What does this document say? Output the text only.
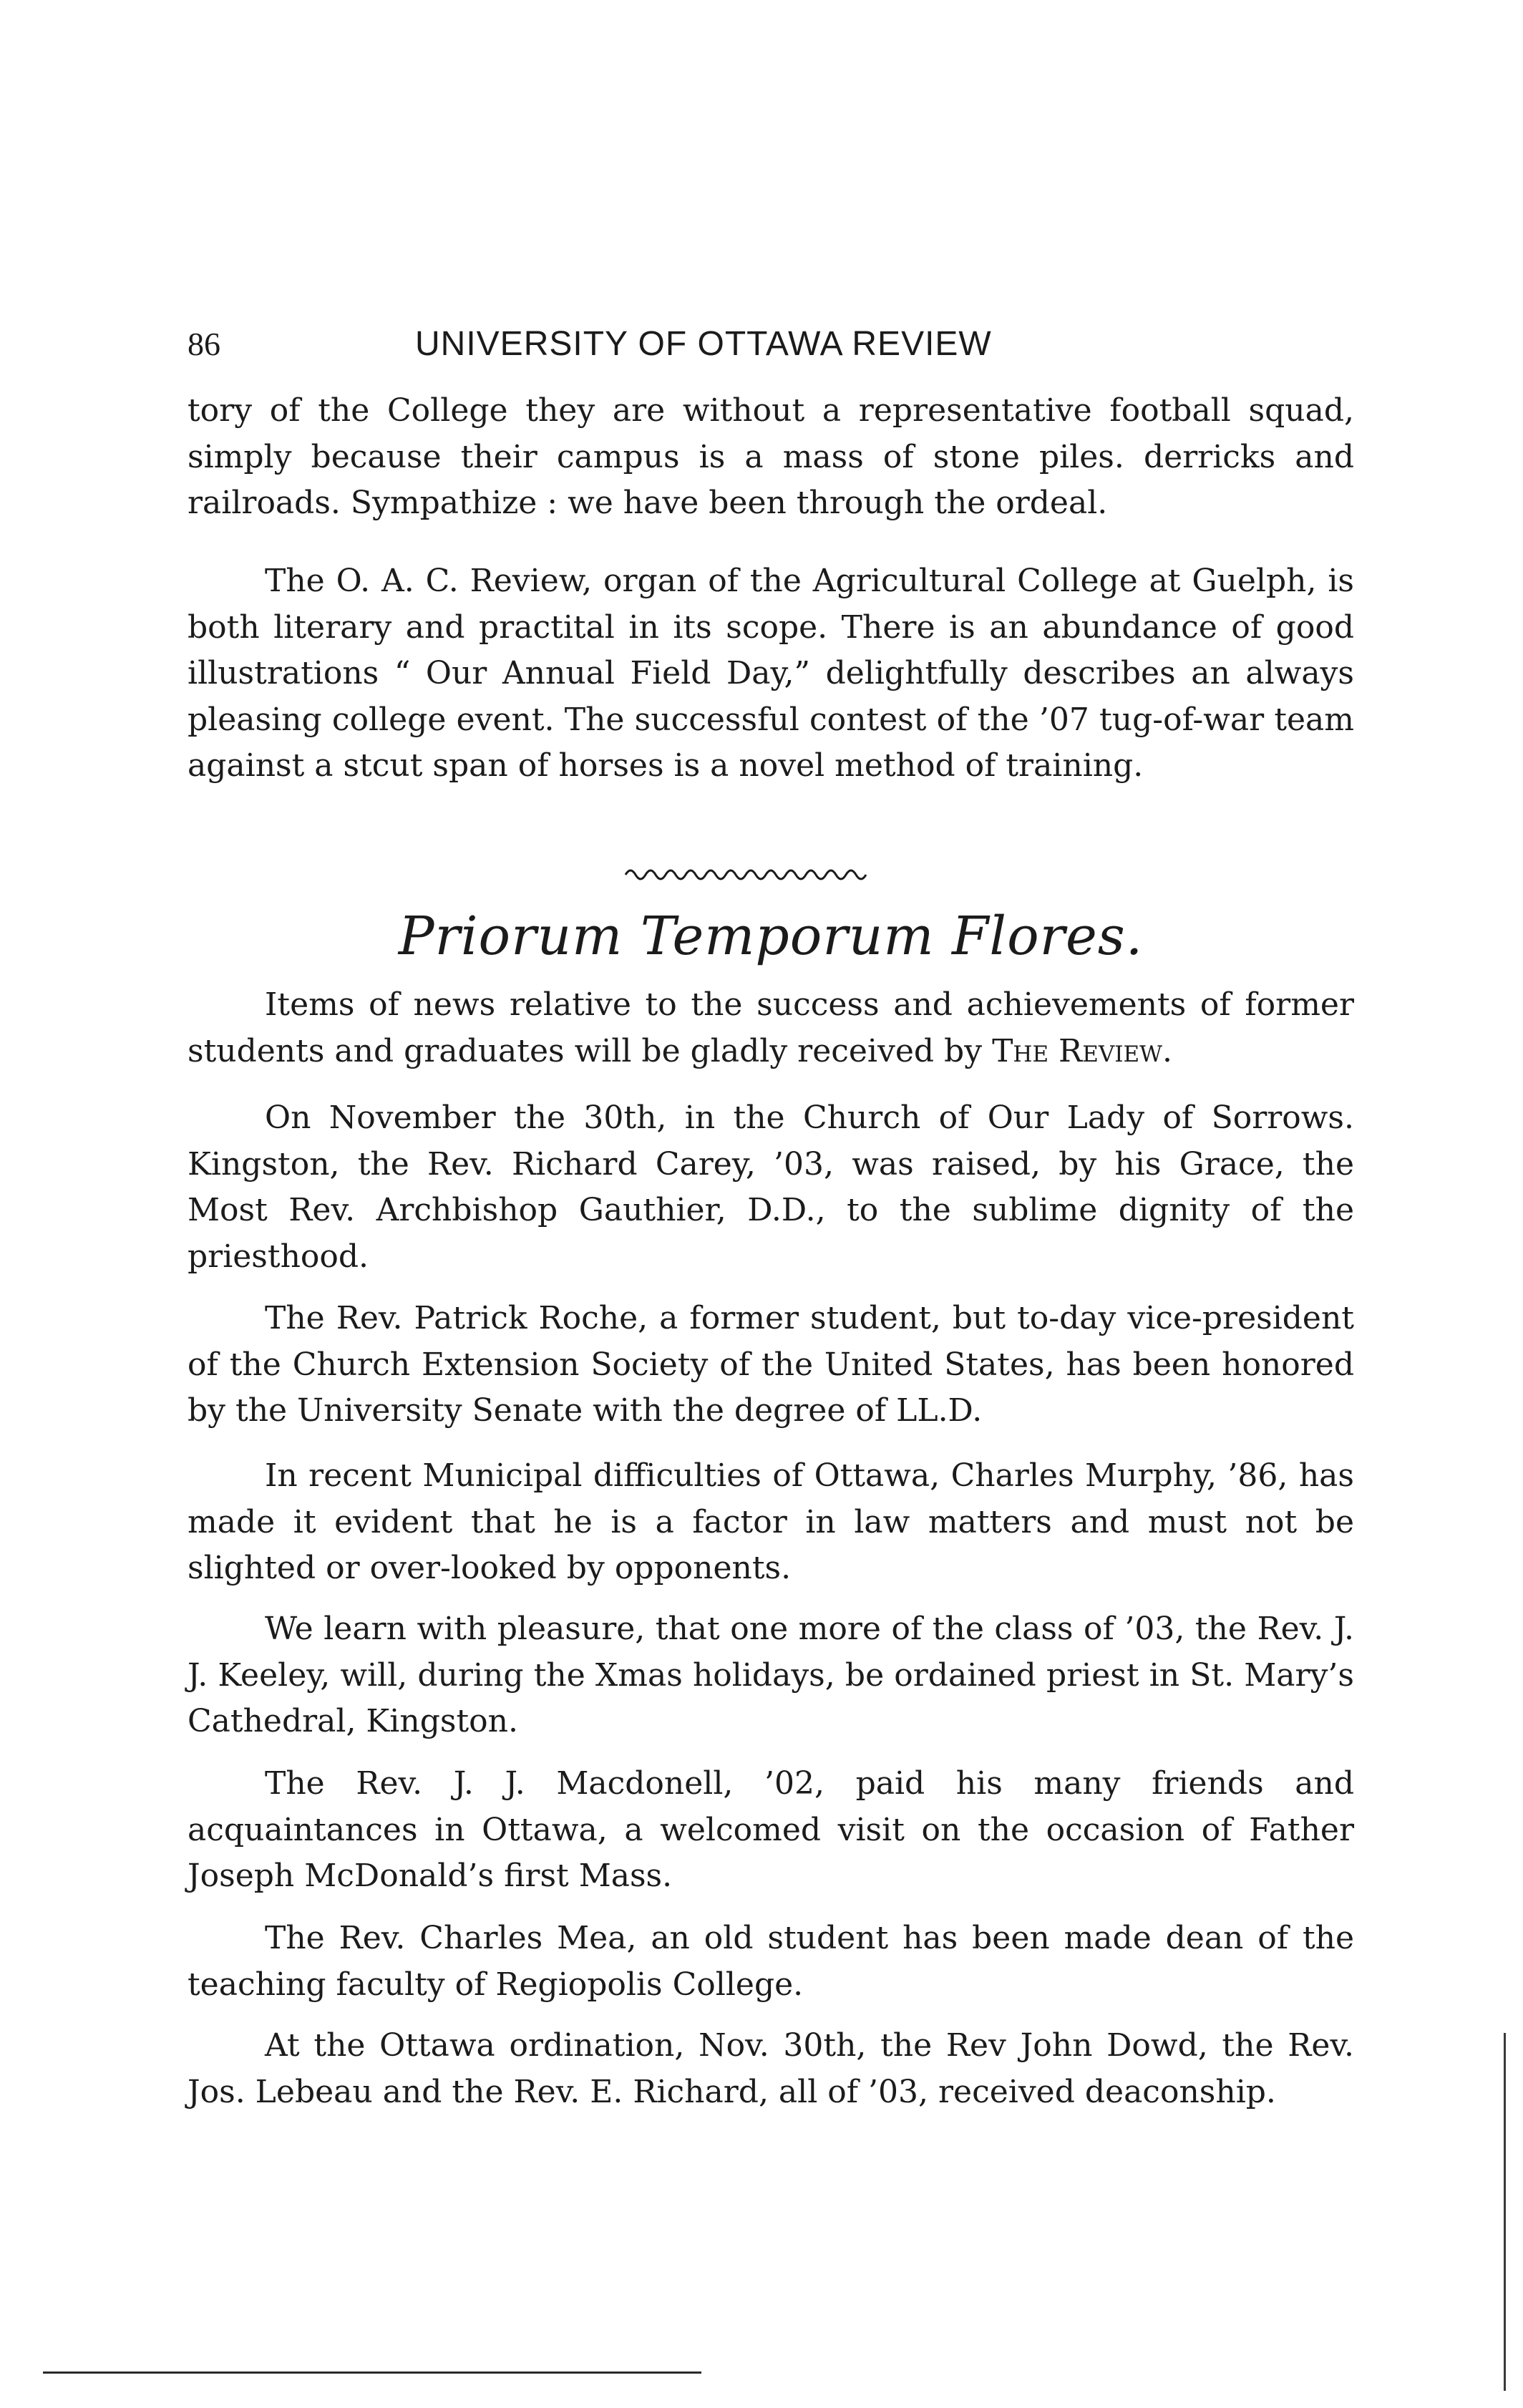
86	UNIVERSITY OF OTTAWA REVIEW

tory of the College they are without a representative football squad, simply because their campus is a mass of stone piles. derricks and railroads. Sympathize : we have been through the ordeal.

The O. A. C. Review, organ of the Agricultural College at Guelph, is both literary and practital in its scope. There is an abundance of good illustrations “ Our Annual Field Day,” delightfully describes an always pleasing college event. The successful contest of the ’07 tug-of-war team against a stcut span of horses is a novel method of training.

Priorum Temporum Flores.

Items of news relative to the success and achievements of former students and graduates will be gladly received by The Review.

On November the 30th, in the Church of Our Lady of Sorrows. Kingston, the Rev. Richard Carey, ’03, was raised, by his Grace, the Most Rev. Archbishop Gauthier, D.D., to the sublime dignity of the priesthood.

The Rev. Patrick Roche, a former student, but to-day vice-president of the Church Extension Society of the United States, has been honored by the University Senate with the degree of LL.D.

In recent Municipal difficulties of Ottawa, Charles Murphy, ’86, has made it evident that he is a factor in law matters and must not be slighted or over-looked by opponents.

We learn with pleasure, that one more of the class of ’03, the Rev. J. J. Keeley, will, during the Xmas holidays, be ordained priest in St. Mary’s Cathedral, Kingston.

The Rev. J. J. Macdonell, ’02, paid his many friends and acquaintances in Ottawa, a welcomed visit on the occasion of Father Joseph McDonald’s first Mass.

The Rev. Charles Mea, an old student has been made dean of the teaching faculty of Regiopolis College.

At the Ottawa ordination, Nov. 30th, the Rev John Dowd, the Rev. Jos. Lebeau and the Rev. E. Richard, all of ’03, received deaconship.
